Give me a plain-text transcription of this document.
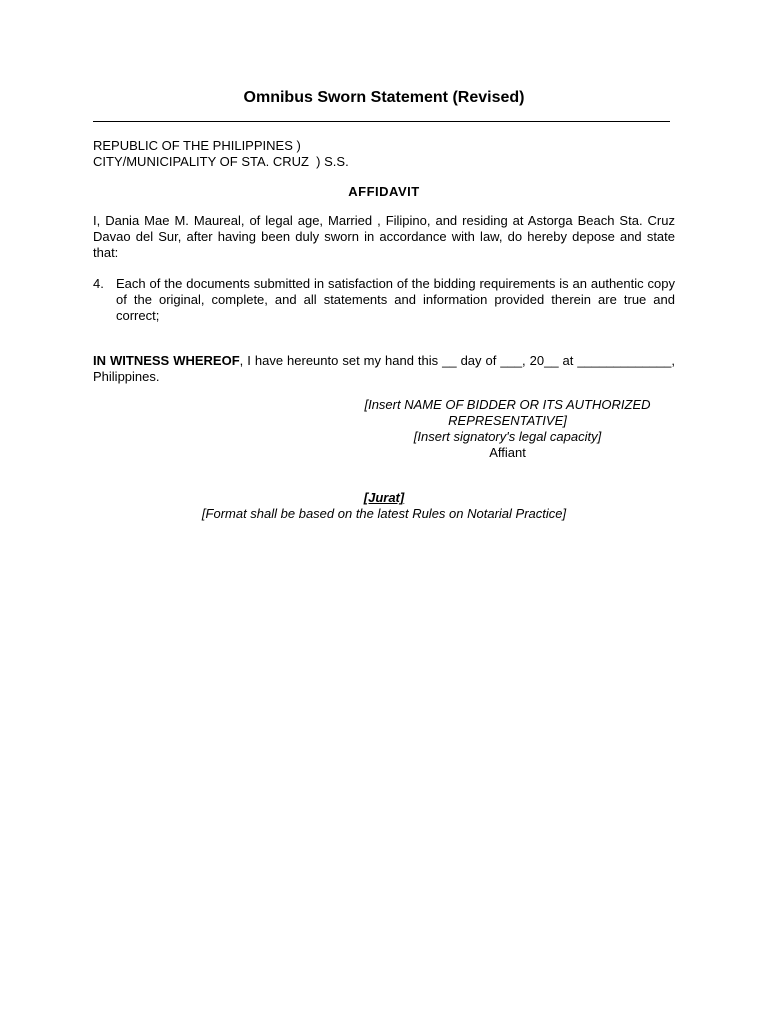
Omnibus Sworn Statement (Revised)
REPUBLIC OF THE PHILIPPINES )
CITY/MUNICIPALITY OF STA. CRUZ  ) S.S.
AFFIDAVIT
I, Dania Mae M. Maureal, of legal age, Married , Filipino, and residing at Astorga Beach Sta. Cruz Davao del Sur, after having been duly sworn in accordance with law, do hereby depose and state that:
4. Each of the documents submitted in satisfaction of the bidding requirements is an authentic copy of the original, complete, and all statements and information provided therein are true and correct;
IN WITNESS WHEREOF, I have hereunto set my hand this __ day of ___, 20__ at _____________, Philippines.
[Insert NAME OF BIDDER OR ITS AUTHORIZED
REPRESENTATIVE]
[Insert signatory's legal capacity]
Affiant
[Jurat]
[Format shall be based on the latest Rules on Notarial Practice]
